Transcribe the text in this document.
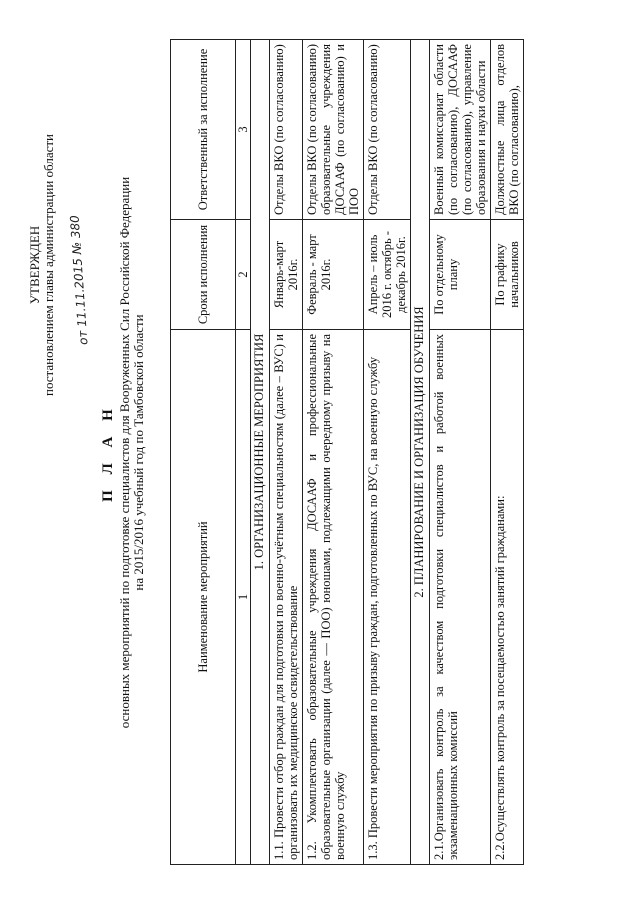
УТВЕРЖДЕН постановлением главы администрации области от 11.11.2015 № 380
П Л А Н основных мероприятий по подготовке специалистов для Вооруженных Сил Российской Федерации на 2015/2016 учебный год по Тамбовской области
Наименование мероприятий	Сроки исполнения	Ответственный за исполнение
1	2	3
1. ОРГАНИЗАЦИОННЫЕ МЕРОПРИЯТИЯ		
1.1. Провести отбор граждан для подготовки по военно-учётным специальностям (далее – ВУС) и организовать их медицинское освидетельствование	Январь-март 2016г.	Отделы ВКО (по согласованию)
1.2. Укомплектовать образовательные учреждения ДОСААФ и профессиональные образовательные организации (далее — ПОО) юношами, подлежащими очередному призыву на военную службу	Февраль - март 2016г.	Отделы ВКО (по согласованию) образовательные учреждения ДОСААФ (по согласованию) и ПОО
1.3. Провести мероприятия по призыву граждан, подготовленных по ВУС, на военную службу	Апрель – июль 2016 г. октябрь - декабрь 2016г.	Отделы ВКО (по согласованию)
2. ПЛАНИРОВАНИЕ И ОРГАНИЗАЦИЯ ОБУЧЕНИЯ		
2.1.Организовать контроль за качеством подготовки специалистов и работой военных экзаменационных комиссий	По отдельному плану	Военный комиссариат области (по согласованию), ДОСААФ (по согласованию), управление образования и науки области
2.2.Осуществлять контроль за посещаемостью занятий гражданами:	По графику начальников	Должностные лица отделов ВКО (по согласованию),
